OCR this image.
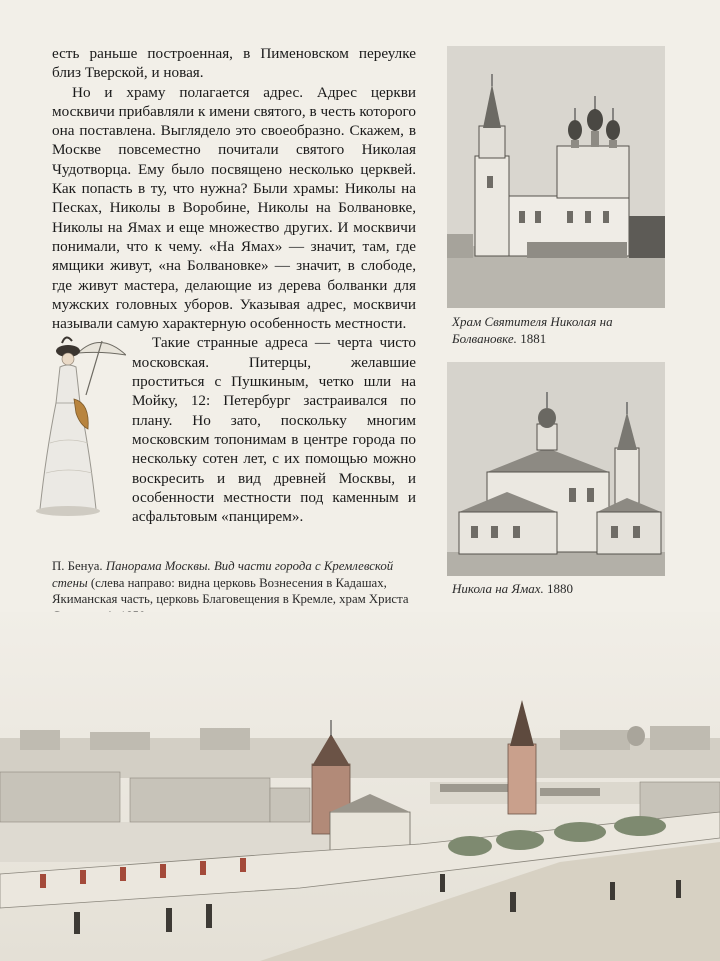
есть раньше построенная, в Пименовском переулке близ Тверской, и новая.

Но и храму полагается адрес. Адрес церкви москвичи прибавляли к имени святого, в честь которого она поставлена. Выглядело это своеобразно. Скажем, в Москве повсеместно почитали святого Николая Чудотворца. Ему было посвящено несколько церквей. Как попасть в ту, что нужна? Были храмы: Николы на Песках, Николы в Воробине, Николы на Болвановке, Николы на Ямах и еще множество других. И москвичи понимали, что к чему. «На Ямах» — значит, там, где ямщики живут, «на Болвановке» — значит, в слободе, где живут мастера, делающие из дерева болванки для мужских головных уборов. Указывая адрес, москвичи называли самую характерную особенность местности.

Такие странные адреса — черта чисто московская. Питерцы, желавшие проститься с Пушкиным, четко шли на Мойку, 12: Петербург застраивался по плану. Но зато, поскольку многим московским топонимам в центре города по нескольку сотен лет, с их помощью можно воскресить и вид древней Москвы, и особенности местности под каменным и асфальтовым «панцирем».

Храм Святителя Николая на Болвановке. 1881
Никола на Ямах. 1880
П. Бенуа. Панорама Москвы. Вид части города с Кремлевской стены (слева направо: видна церковь Вознесения в Кадашах, Якиманская часть, церковь Благовещения в Кремле, храм Христа
